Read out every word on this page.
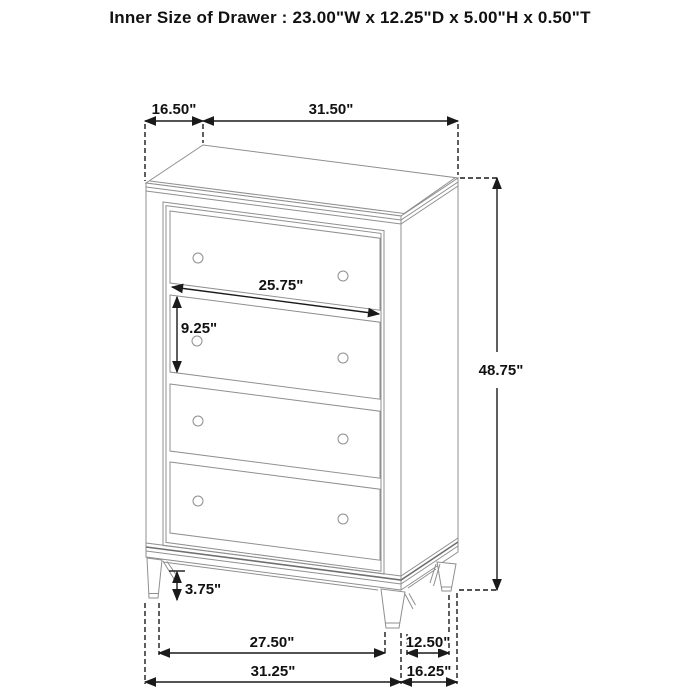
Inner Size of Drawer : 23.00"W x 12.25"D x 5.00"H x 0.50"T
16.50"	31.50"
48.75"
25.75"
9.25"
3.75"
27.50"	12.50"
31.25"	16.25"
